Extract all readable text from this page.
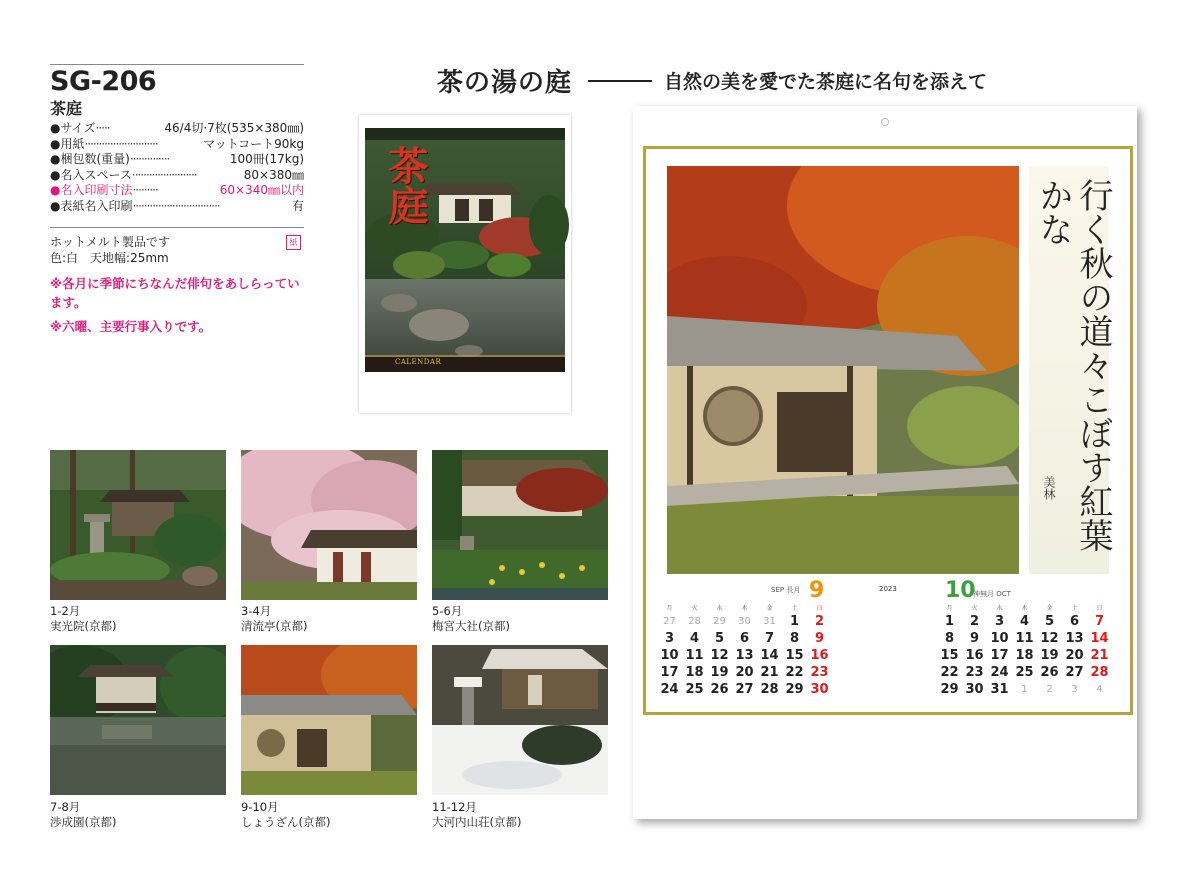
SG-206
茶庭
●サイズ ·····	46/4切·7枚(535×380㎜)
●用紙 ··························	マットコート90kg
●梱包数(重量) ··············	100冊(17kg)
●名入スペース ·······················	80×380㎜
●名入印刷寸法 ·········	60×340㎜以内
●表紙名入印刷 ·······························	有
ホットメルト製品です	紙
色:白　天地幅:25mm
※各月に季節にちなんだ俳句をあしらっています。
※六曜、主要行事入りです。
茶の湯の庭	自然の美を愛でた茶庭に名句を添えて
茶庭
CALENDAR
1-2月
実光院(京都)
3-4月
清流亭(京都)
5-6月
梅宮大社(京都)
7-8月
渉成園(京都)
9-10月
しょうざん(京都)
11-12月
大河内山荘(京都)
行く秋の道々こぼす紅葉かな
美林
SEP 長月 9	10
神無月 OCT
2023
月	火	水	木	金	土	日
27	28	29	30	31	1	2
3	4	5	6	7	8	9
10 11 12 13 14 15 16
17 18 19 20 21 22 23
24 25 26 27 28 29 30
月	火	水	木	金	土	日
1	2	3	4	5	6	7
8	9 10 11 12 13 14
15 16 17 18 19 20 21
22 23 24 25 26 27 28
29 30 31	1	2	3	4
